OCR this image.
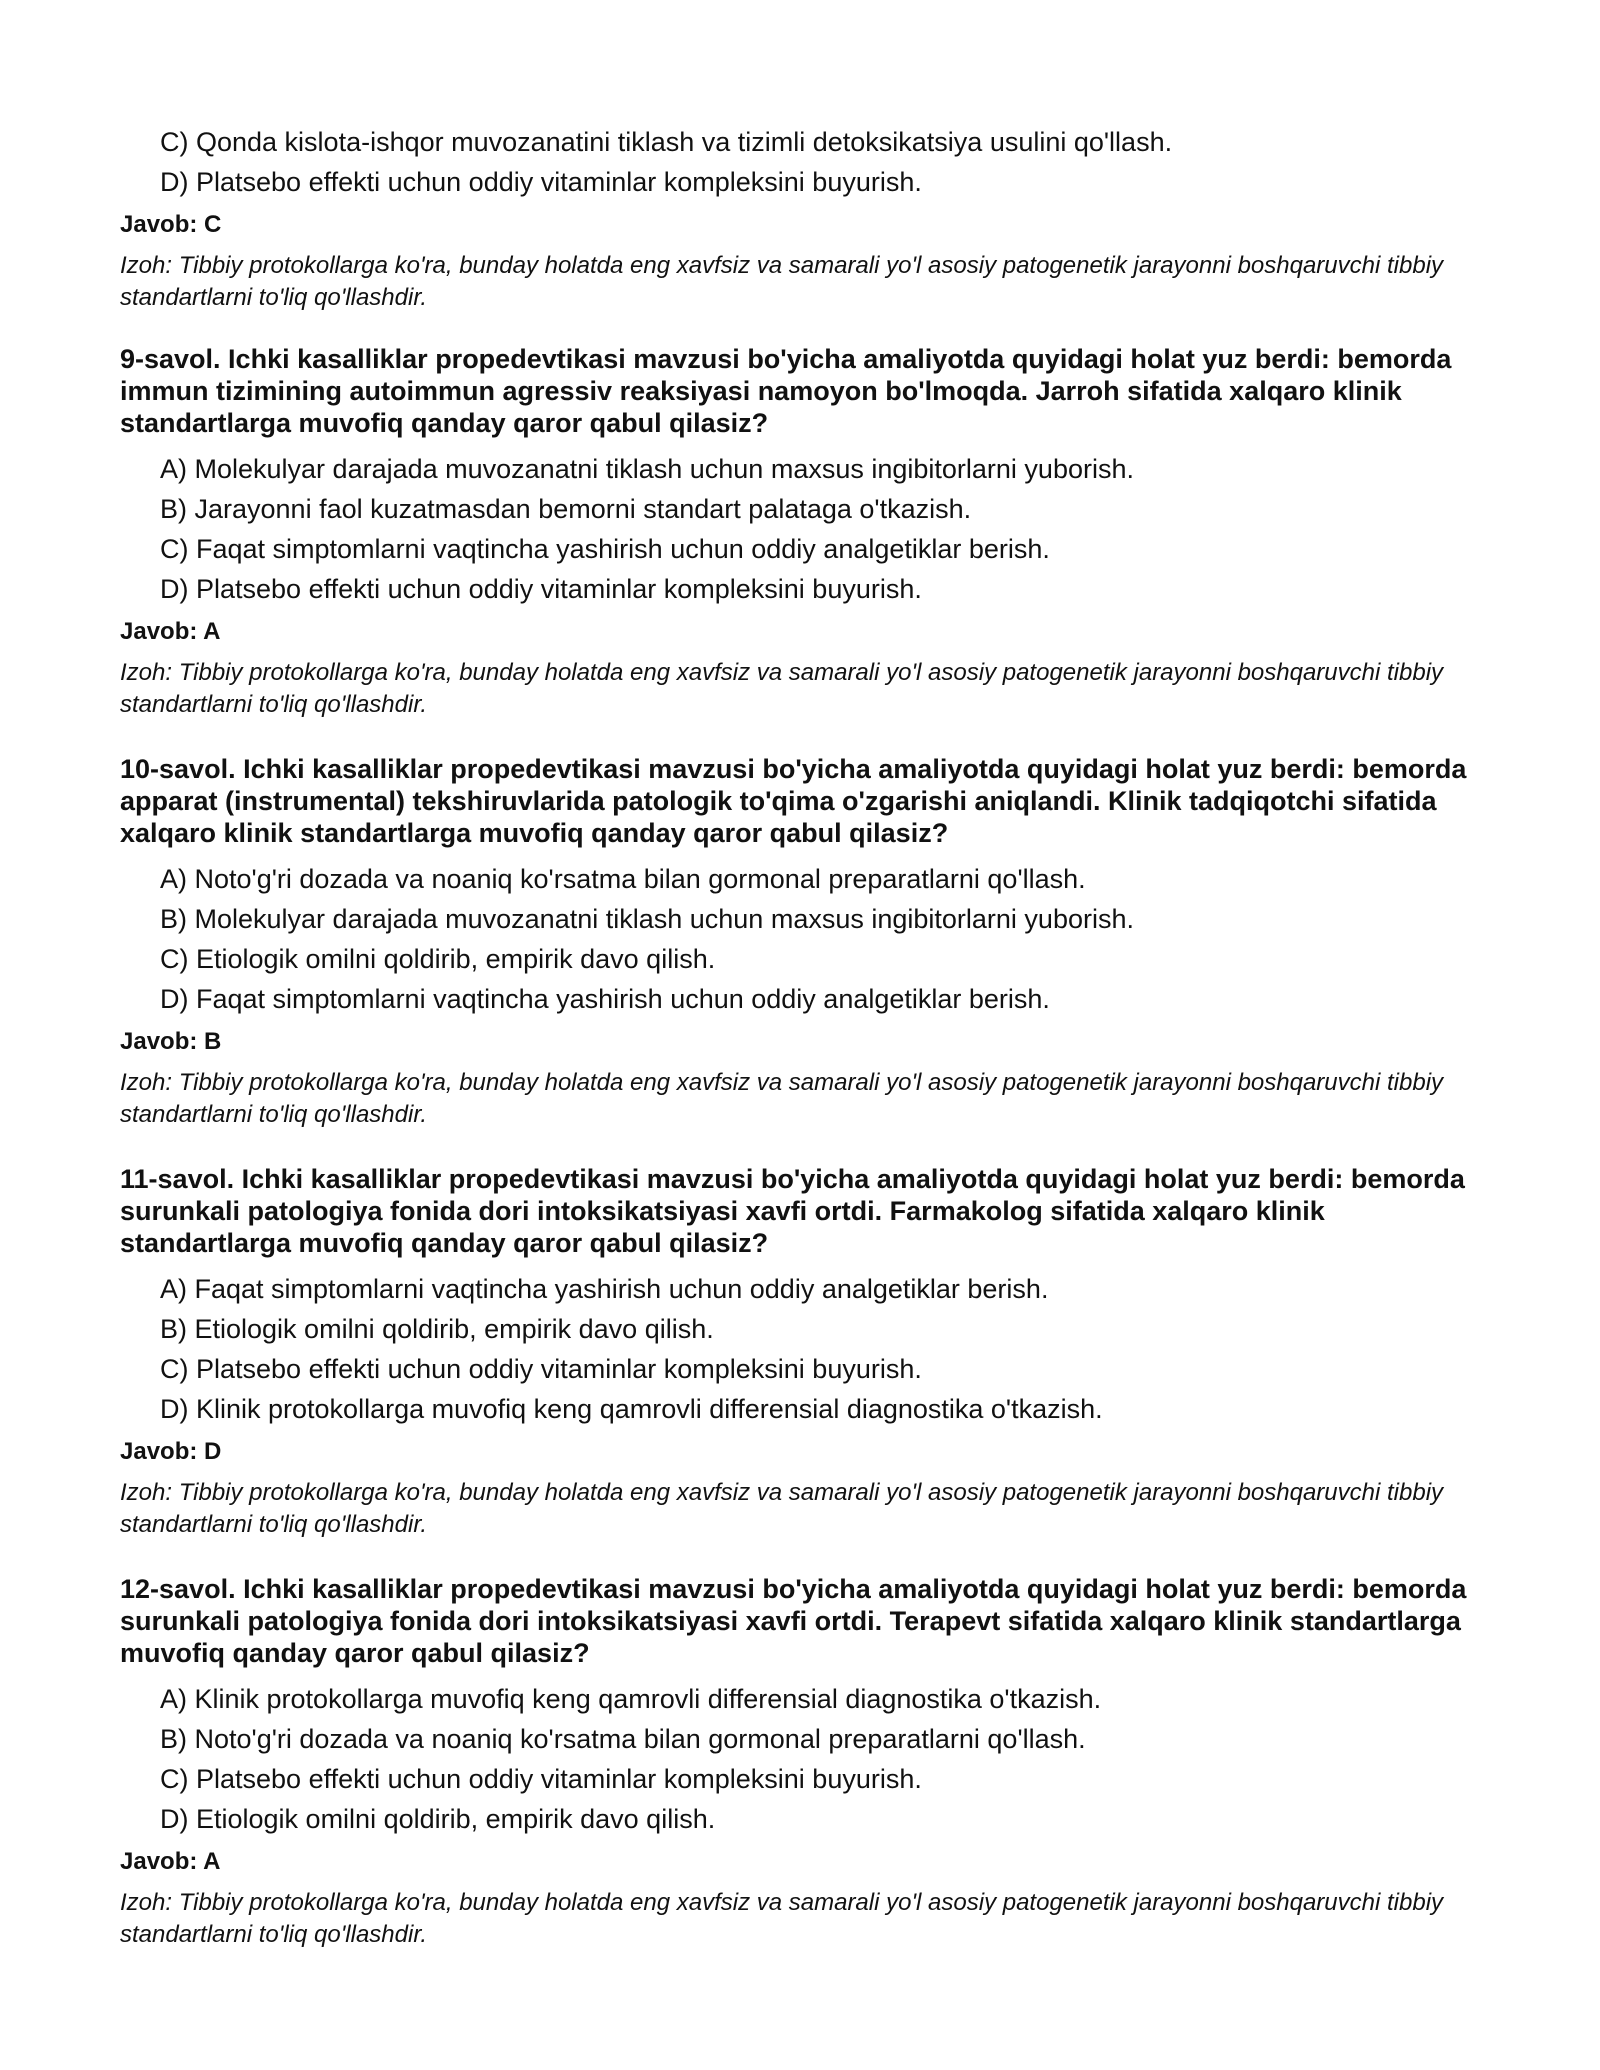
C) Qonda kislota-ishqor muvozanatini tiklash va tizimli detoksikatsiya usulini qo'llash.
D) Platsebo effekti uchun oddiy vitaminlar kompleksini buyurish.
Javob: C
Izoh: Tibbiy protokollarga ko'ra, bunday holatda eng xavfsiz va samarali yo'l asosiy patogenetik jarayonni boshqaruvchi tibbiy standartlarni to'liq qo'llashdir.
9-savol. Ichki kasalliklar propedevtikasi mavzusi bo'yicha amaliyotda quyidagi holat yuz berdi: bemorda immun tizimining autoimmun agressiv reaksiyasi namoyon bo'lmoqda. Jarroh sifatida xalqaro klinik standartlarga muvofiq qanday qaror qabul qilasiz?
A) Molekulyar darajada muvozanatni tiklash uchun maxsus ingibitorlarni yuborish.
B) Jarayonni faol kuzatmasdan bemorni standart palataga o'tkazish.
C) Faqat simptomlarni vaqtincha yashirish uchun oddiy analgetiklar berish.
D) Platsebo effekti uchun oddiy vitaminlar kompleksini buyurish.
Javob: A
Izoh: Tibbiy protokollarga ko'ra, bunday holatda eng xavfsiz va samarali yo'l asosiy patogenetik jarayonni boshqaruvchi tibbiy standartlarni to'liq qo'llashdir.
10-savol. Ichki kasalliklar propedevtikasi mavzusi bo'yicha amaliyotda quyidagi holat yuz berdi: bemorda apparat (instrumental) tekshiruvlarida patologik to'qima o'zgarishi aniqlandi. Klinik tadqiqotchi sifatida xalqaro klinik standartlarga muvofiq qanday qaror qabul qilasiz?
A) Noto'g'ri dozada va noaniq ko'rsatma bilan gormonal preparatlarni qo'llash.
B) Molekulyar darajada muvozanatni tiklash uchun maxsus ingibitorlarni yuborish.
C) Etiologik omilni qoldirib, empirik davo qilish.
D) Faqat simptomlarni vaqtincha yashirish uchun oddiy analgetiklar berish.
Javob: B
Izoh: Tibbiy protokollarga ko'ra, bunday holatda eng xavfsiz va samarali yo'l asosiy patogenetik jarayonni boshqaruvchi tibbiy standartlarni to'liq qo'llashdir.
11-savol. Ichki kasalliklar propedevtikasi mavzusi bo'yicha amaliyotda quyidagi holat yuz berdi: bemorda surunkali patologiya fonida dori intoksikatsiyasi xavfi ortdi. Farmakolog sifatida xalqaro klinik standartlarga muvofiq qanday qaror qabul qilasiz?
A) Faqat simptomlarni vaqtincha yashirish uchun oddiy analgetiklar berish.
B) Etiologik omilni qoldirib, empirik davo qilish.
C) Platsebo effekti uchun oddiy vitaminlar kompleksini buyurish.
D) Klinik protokollarga muvofiq keng qamrovli differensial diagnostika o'tkazish.
Javob: D
Izoh: Tibbiy protokollarga ko'ra, bunday holatda eng xavfsiz va samarali yo'l asosiy patogenetik jarayonni boshqaruvchi tibbiy standartlarni to'liq qo'llashdir.
12-savol. Ichki kasalliklar propedevtikasi mavzusi bo'yicha amaliyotda quyidagi holat yuz berdi: bemorda surunkali patologiya fonida dori intoksikatsiyasi xavfi ortdi. Terapevt sifatida xalqaro klinik standartlarga muvofiq qanday qaror qabul qilasiz?
A) Klinik protokollarga muvofiq keng qamrovli differensial diagnostika o'tkazish.
B) Noto'g'ri dozada va noaniq ko'rsatma bilan gormonal preparatlarni qo'llash.
C) Platsebo effekti uchun oddiy vitaminlar kompleksini buyurish.
D) Etiologik omilni qoldirib, empirik davo qilish.
Javob: A
Izoh: Tibbiy protokollarga ko'ra, bunday holatda eng xavfsiz va samarali yo'l asosiy patogenetik jarayonni boshqaruvchi tibbiy standartlarni to'liq qo'llashdir.
